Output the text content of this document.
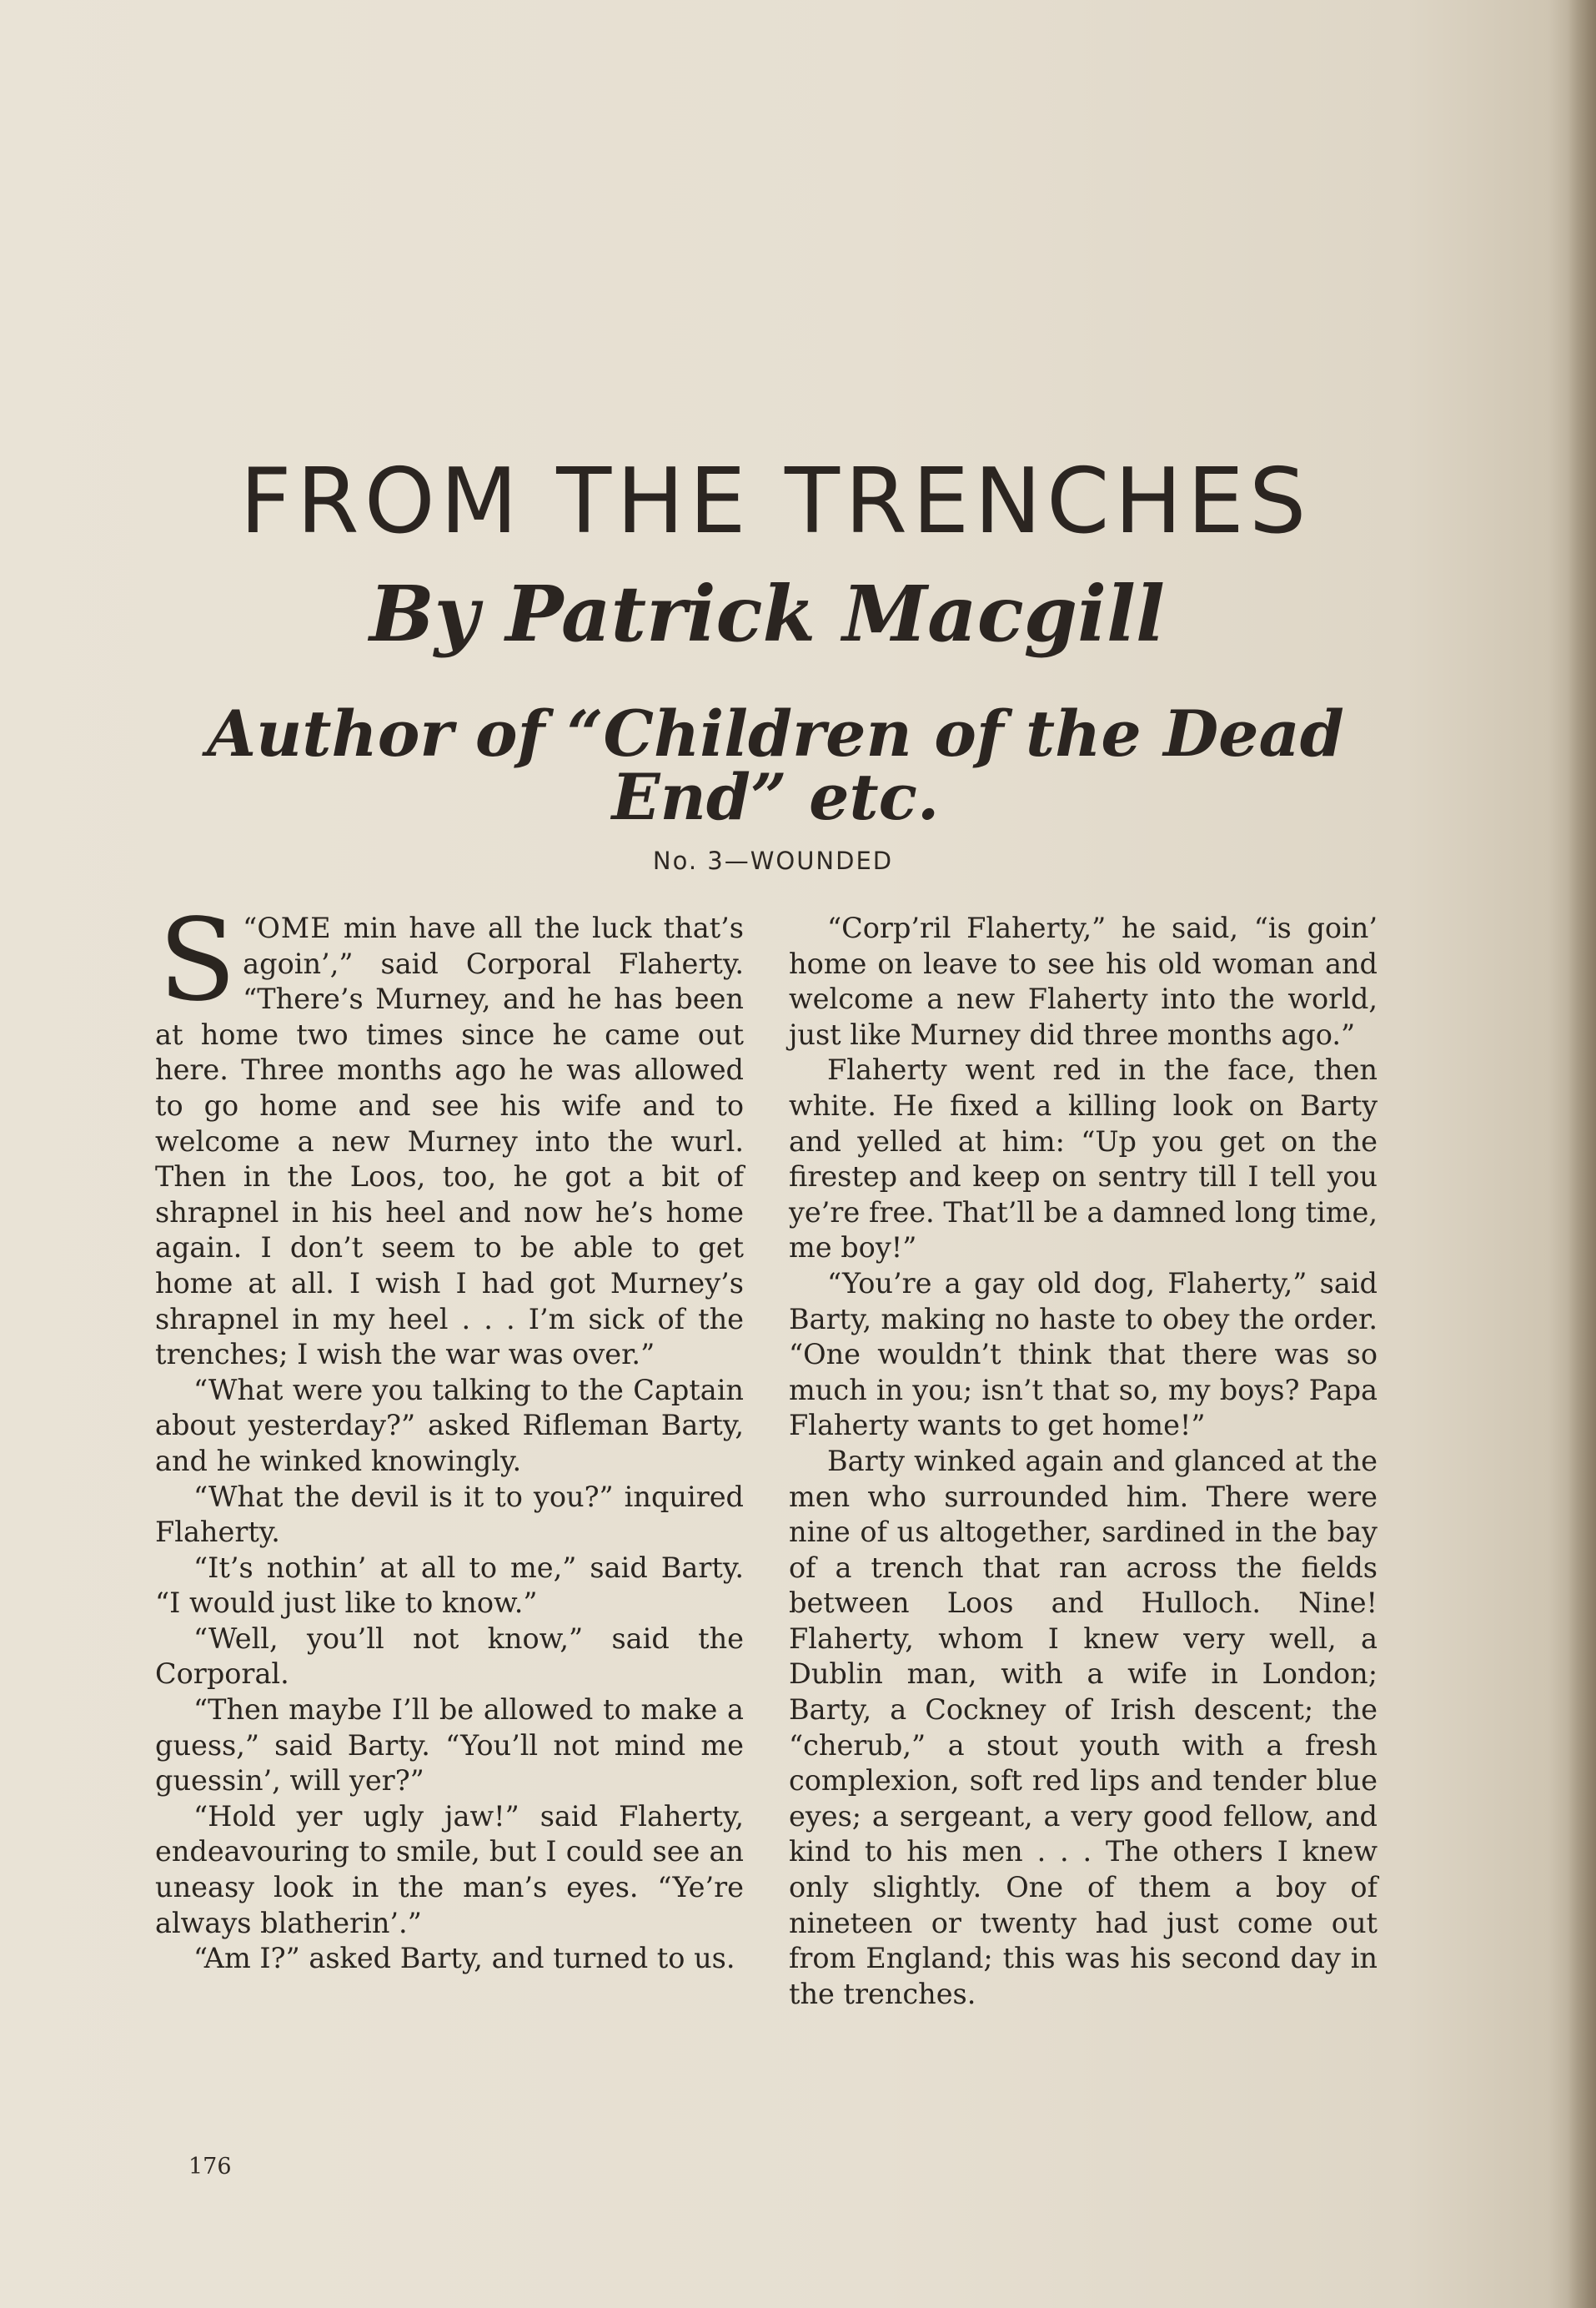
FROM THE TRENCHES
By Patrick Macgill
Author of “Children of the Dead End” etc.
No. 3—WOUNDED

“
S OME min have all the luck that’s agoin’,” said Corporal Flaherty. “There’s Murney, and he has been at home two times since he came out here. Three months ago he was allowed to go home and see his wife and to welcome a new Murney into the wurl. Then in the Loos, too, he got a bit of shrapnel in his heel and now he’s home again. I don’t seem to be able to get home at all. I wish I had got Murney’s shrapnel in my heel . . . I’m sick of the trenches; I wish the war was over.”

“What were you talking to the Captain about yesterday?” asked Rifleman Barty, and he winked knowingly.

“What the devil is it to you?” inquired Flaherty.

“It’s nothin’ at all to me,” said Barty. “I would just like to know.”

“Well, you’ll not know,” said the Corporal.

“Then maybe I’ll be allowed to make a guess,” said Barty. “You’ll not mind me guessin’, will yer?”

“Hold yer ugly jaw!” said Flaherty, endeavouring to smile, but I could see an uneasy look in the man’s eyes. “Ye’re always blatherin’.”

“Am I?” asked Barty, and turned to us.

“Corp’ril Flaherty,” he said, “is goin’ home on leave to see his old woman and welcome a new Flaherty into the world, just like Murney did three months ago.”

Flaherty went red in the face, then white. He fixed a killing look on Barty and yelled at him: “Up you get on the firestep and keep on sentry till I tell you ye’re free. That’ll be a damned long time, me boy!”

“You’re a gay old dog, Flaherty,” said Barty, making no haste to obey the order. “One wouldn’t think that there was so much in you; isn’t that so, my boys? Papa Flaherty wants to get home!”

Barty winked again and glanced at the men who surrounded him. There were nine of us altogether, sardined in the bay of a trench that ran across the fields between Loos and Hulloch. Nine! Flaherty, whom I knew very well, a Dublin man, with a wife in London; Barty, a Cockney of Irish descent; the “cherub,” a stout youth with a fresh complexion, soft red lips and tender blue eyes; a sergeant, a very good fellow, and kind to his men . . . The others I knew only slightly. One of them a boy of nineteen or twenty had just come out from England; this was his second day in the trenches.

176
